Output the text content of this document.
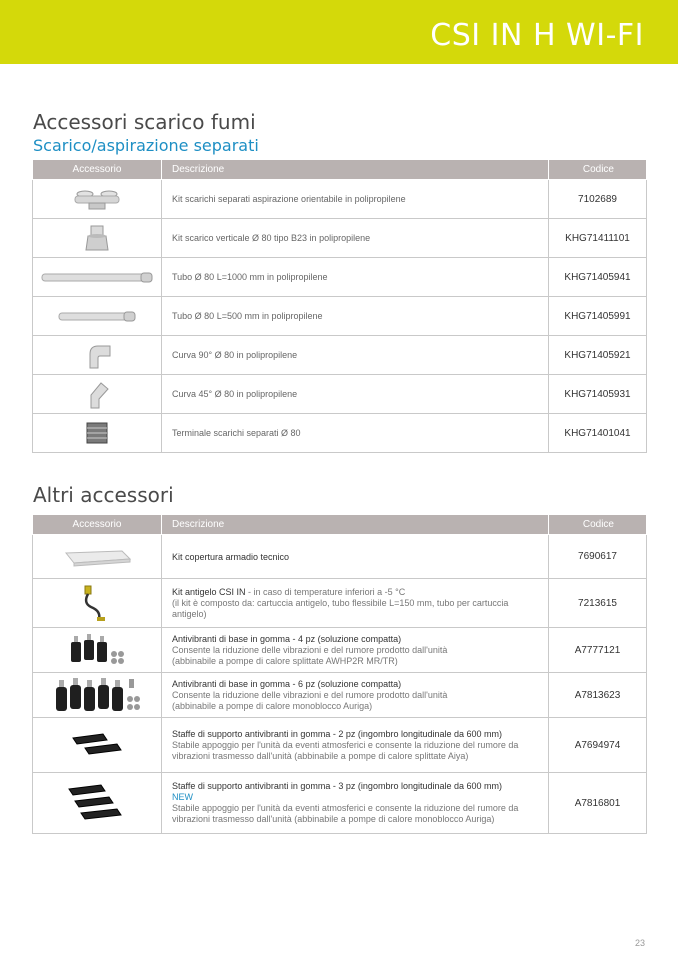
CSI IN H WI-FI
Accessori scarico fumi
Scarico/aspirazione separati
Accessorio	Descrizione	Codice

	Kit scarichi separati aspirazione orientabile in polipropilene	7102689

	Kit scarico verticale Ø 80 tipo B23 in polipropilene	KHG71411101

	Tubo Ø 80 L=1000 mm in polipropilene	KHG71405941

	Tubo Ø 80 L=500 mm in polipropilene	KHG71405991

	Curva 90° Ø 80 in polipropilene	KHG71405921

	Curva 45° Ø 80 in polipropilene	KHG71405931

	Terminale scarichi separati Ø 80	KHG71401041
Altri accessori
Accessorio	Descrizione	Codice

Kit copertura armadio tecnico	7690617

Kit antigelo CSI IN - in caso di temperature inferiori a -5 °C
(il kit è composto da: cartuccia antigelo, tubo flessibile L=150 mm, tubo per cartuccia
antigelo)	7213615

Antivibranti di base in gomma - 4 pz (soluzione compatta)
Consente la riduzione delle vibrazioni e del rumore prodotto dall'unità
(abbinabile a pompe di calore splittate AWHP2R MR/TR)	A7777121

Antivibranti di base in gomma - 6 pz (soluzione compatta)
Consente la riduzione delle vibrazioni e del rumore prodotto dall'unità
(abbinabile a pompe di calore monoblocco Auriga)	A7813623

Staffe di supporto antivibranti in gomma - 2 pz (ingombro longitudinale da 600 mm)
Stabile appoggio per l'unità da eventi atmosferici e consente la riduzione del rumore da
vibrazioni trasmesso dall'unità (abbinabile a pompe di calore splittate Aiya)	A7694974

Staffe di supporto antivibranti in gomma - 3 pz (ingombro longitudinale da 600 mm)
NEW
Stabile appoggio per l'unità da eventi atmosferici e consente la riduzione del rumore da
vibrazioni trasmesso dall'unità (abbinabile a pompe di calore monoblocco Auriga)	A7816801
23
